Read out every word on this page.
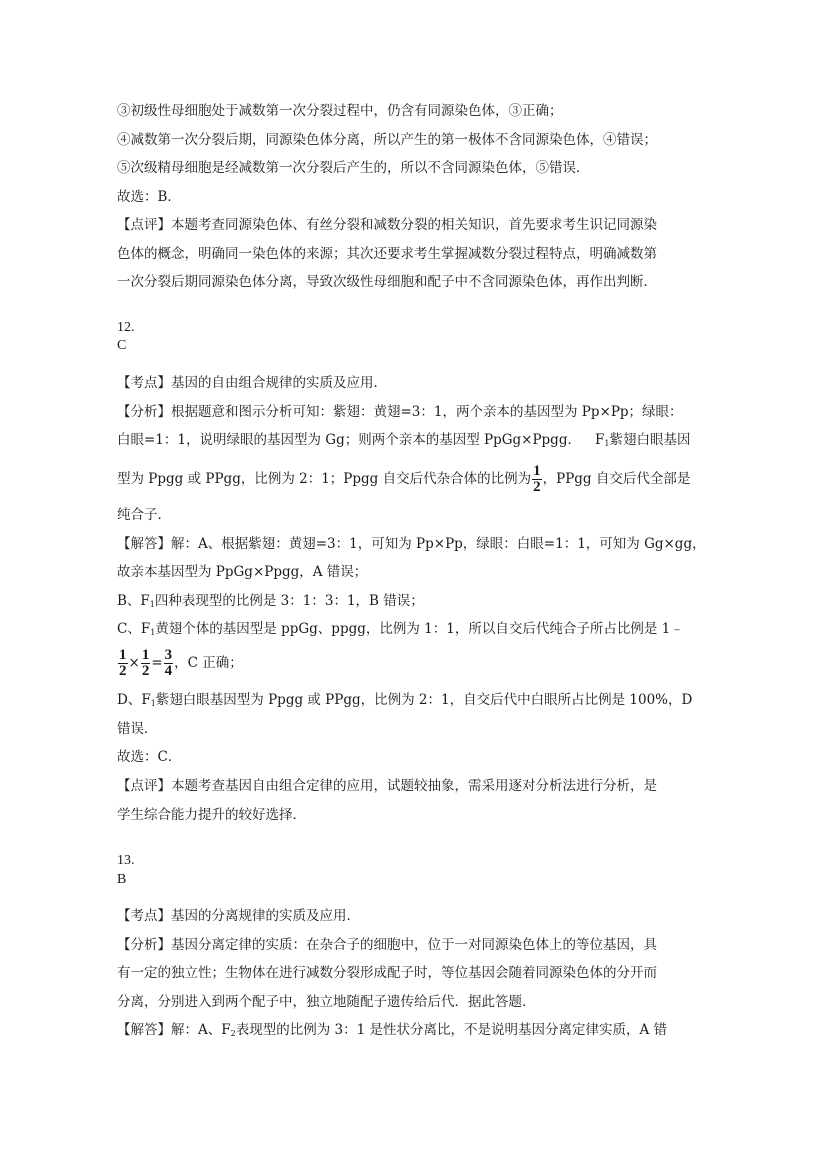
③初级性母细胞处于减数第一次分裂过程中，仍含有同源染色体，③正确；
④减数第一次分裂后期，同源染色体分离，所以产生的第一极体不含同源染色体，④错误；
⑤次级精母细胞是经减数第一次分裂后产生的，所以不含同源染色体，⑤错误．
故选：B．
【点评】本题考查同源染色体、有丝分裂和减数分裂的相关知识，首先要求考生识记同源染
色体的概念，明确同一染色体的来源；其次还要求考生掌握减数分裂过程特点，明确减数第
一次分裂后期同源染色体分离，导致次级性母细胞和配子中不含同源染色体，再作出判断．
12.
C
【考点】基因的自由组合规律的实质及应用．
【分析】根据题意和图示分析可知：紫翅：黄翅=3：1，两个亲本的基因型为 Pp×Pp；绿眼：
白眼=1：1，说明绿眼的基因型为 Gg；则两个亲本的基因型 PpGg×Ppgg． $F_1$紫翅白眼基因
型为 Ppgg 或 PPgg，比例为 2：1；Ppgg 自交后代杂合体的比例为 $\frac{1}{2}$ ，PPgg 自交后代全部是
纯合子．
【解答】解：A、根据紫翅：黄翅=3：1，可知为 Pp×Pp，绿眼：白眼=1：1，可知为 Gg×gg，
故亲本基因型为 PpGg×Ppgg，A 错误；
B、$F_1$四种表现型的比例是 3：1：3：1，B 错误；
C、$F_1$黄翅个体的基因型是 ppGg、ppgg，比例为 1：1，所以自交后代纯合子所占比例是 1﹣
$\frac{1}{2} \times \frac{1}{2} = \frac{3}{4}$ ，C 正确；
D、$F_1$紫翅白眼基因型为 Ppgg 或 PPgg，比例为 2：1，自交后代中白眼所占比例是 100%，D
错误．
故选：C．
【点评】本题考查基因自由组合定律的应用，试题较抽象，需采用逐对分析法进行分析，是
学生综合能力提升的较好选择．
13.
B
【考点】基因的分离规律的实质及应用．
【分析】基因分离定律的实质：在杂合子的细胞中，位于一对同源染色体上的等位基因，具
有一定的独立性；生物体在进行减数分裂形成配子时，等位基因会随着同源染色体的分开而
分离，分别进入到两个配子中，独立地随配子遗传给后代．据此答题．
【解答】解：A、$F_2$表现型的比例为 3：1 是性状分离比，不是说明基因分离定律实质，A 错
